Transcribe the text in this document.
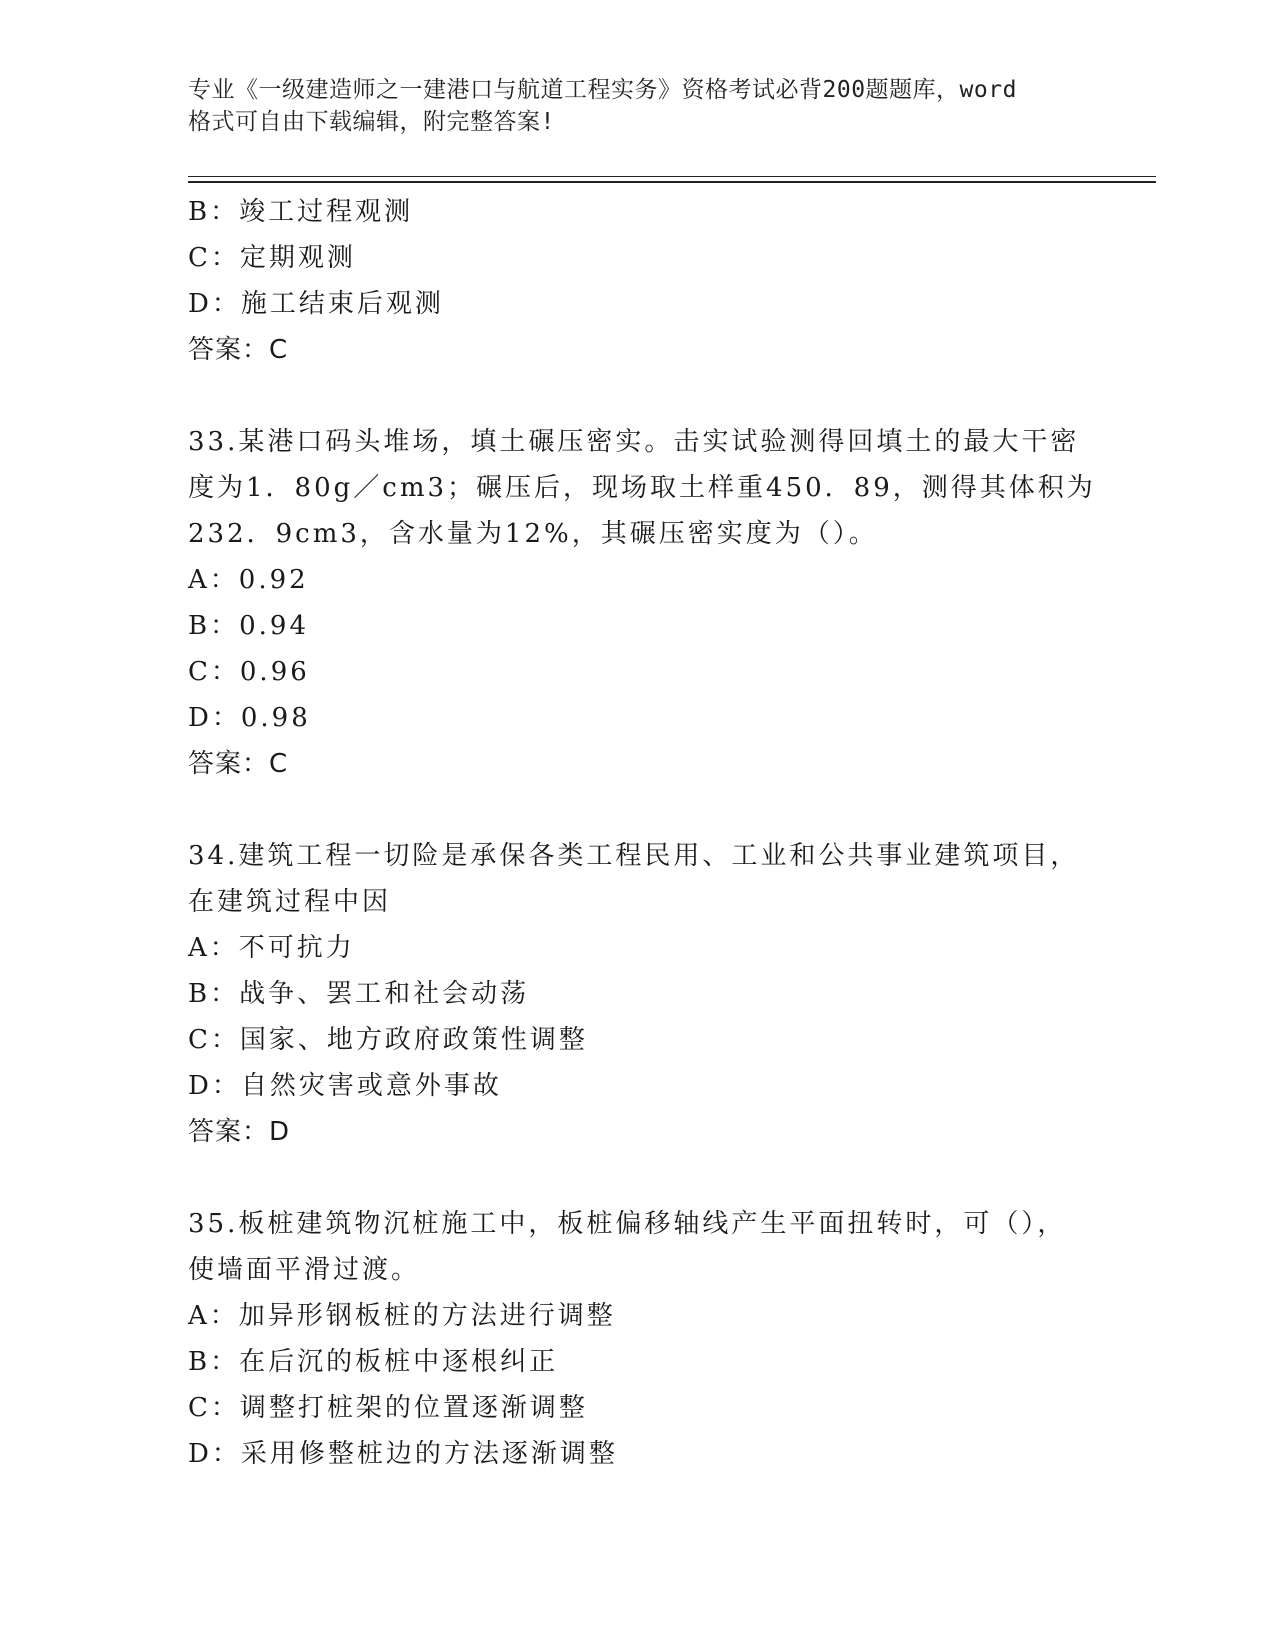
专业《一级建造师之一建港口与航道工程实务》资格考试必背200题题库，word
格式可自由下载编辑，附完整答案!
B：竣工过程观测
C：定期观测
D：施工结束后观测
答案：C
33.某港口码头堆场，填土碾压密实。击实试验测得回填土的最大干密
度为1．80g／cm3；碾压后，现场取土样重450．89，测得其体积为
232．9cm3，含水量为12%，其碾压密实度为（）。
A：0.92
B：0.94
C：0.96
D：0.98
答案：C
34.建筑工程一切险是承保各类工程民用、工业和公共事业建筑项目，
在建筑过程中因
A：不可抗力
B：战争、罢工和社会动荡
C：国家、地方政府政策性调整
D：自然灾害或意外事故
答案：D
35.板桩建筑物沉桩施工中，板桩偏移轴线产生平面扭转时，可（），
使墙面平滑过渡。
A：加异形钢板桩的方法进行调整
B：在后沉的板桩中逐根纠正
C：调整打桩架的位置逐渐调整
D：采用修整桩边的方法逐渐调整
